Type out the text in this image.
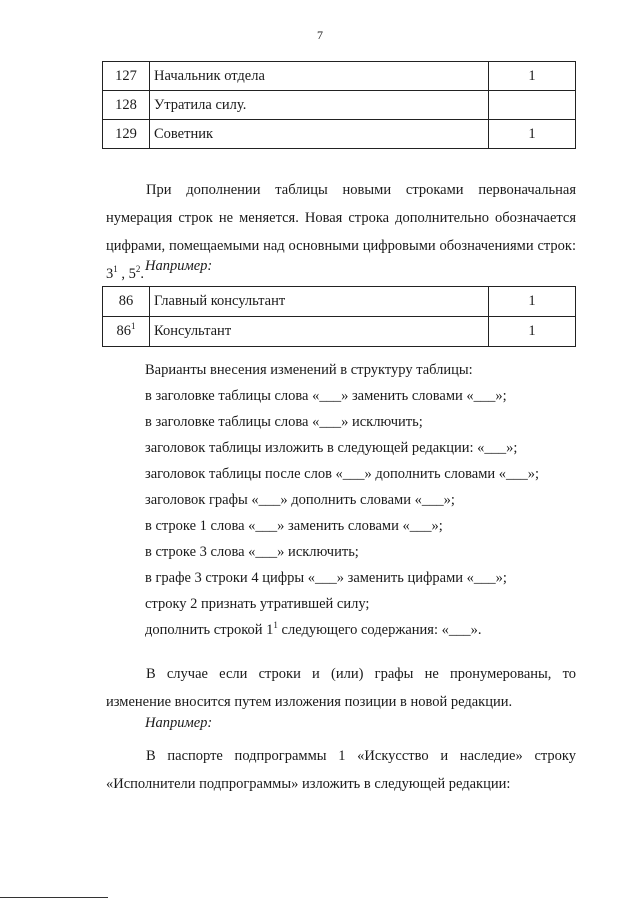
7
127	Начальник отдела	1
128	Утратила силу.	
129	Советник	1

При дополнении таблицы новыми строками первоначальная нумерация строк не меняется. Новая строка дополнительно обозначается цифрами, помещаемыми над основными цифровыми обозначениями строк: $3^1$ , $5^2$. Например:
86	Главный консультант	1
$86^1$	Консультант	1
Варианты внесения изменений в структуру таблицы:
в заголовке таблицы слова «___» заменить словами «___»;
в заголовке таблицы слова «___» исключить;
заголовок таблицы изложить в следующей редакции: «___»;
заголовок таблицы после слов «___» дополнить словами «___»;
заголовок графы «___» дополнить словами «___»;
в строке 1 слова «___» заменить словами «___»;
в строке 3 слова «___» исключить;
в графе 3 строки 4 цифры «___» заменить цифрами «___»;
строку 2 признать утратившей силу;
дополнить строкой $1^1$ следующего содержания: «___».

В случае если строки и (или) графы не пронумерованы, то изменение вносится путем изложения позиции в новой редакции.

Например:

В паспорте подпрограммы 1 «Искусство и наследие» строку «Исполнители подпрограммы» изложить в следующей редакции:
